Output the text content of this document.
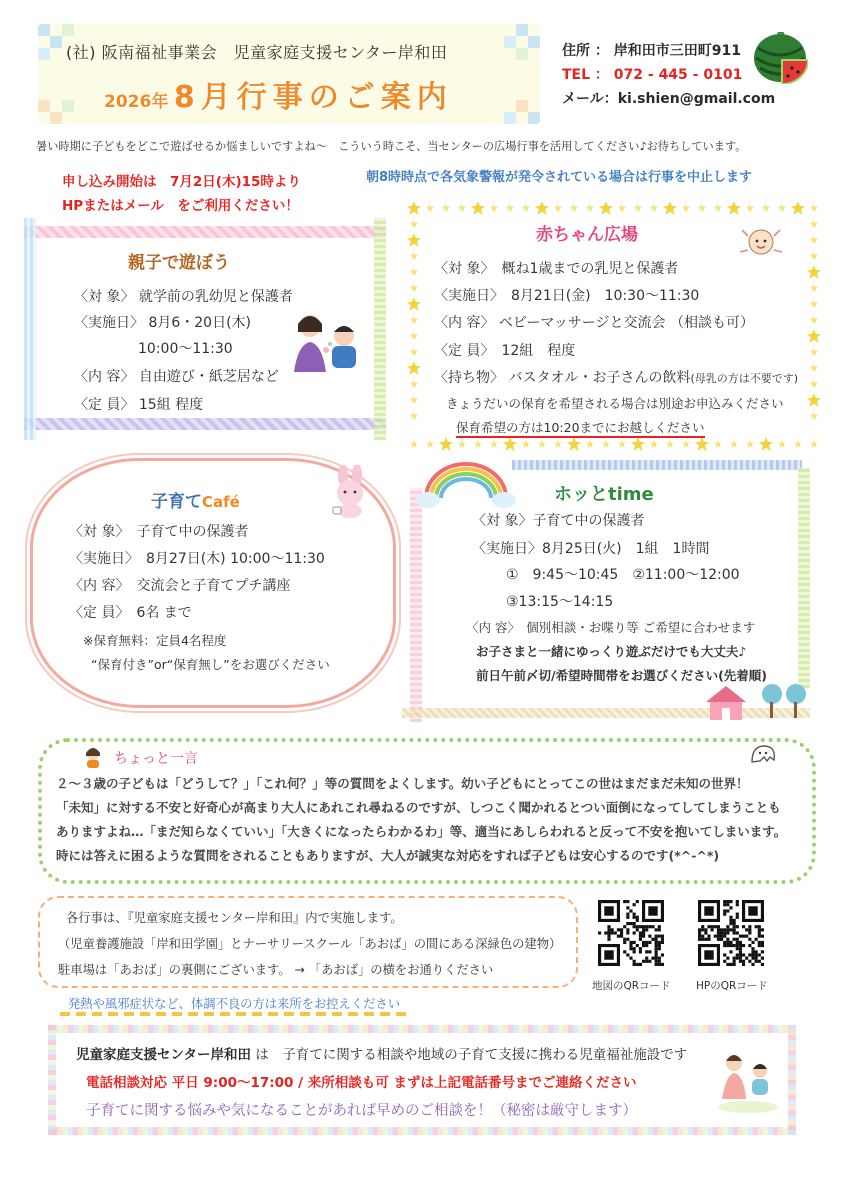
(社) 阪南福祉事業会　児童家庭支援センター岸和田
2026年 8月行事のご案内
住所 ： 岸和田市三田町911
TEL ： 072 - 445 - 0101
メール：ki.shien@gmail.com
暑い時期に子どもをどこで遊ばせるか悩ましいですよね～　こういう時こそ、当センターの広場行事を活用してください♪お待ちしています。
申し込み開始は　7月2日(木)15時より
HPまたはメール　をご利用ください！
朝8時時点で各気象警報が発令されている場合は行事を中止します
親子で遊ぼう
〈対 象〉 就学前の乳幼児と保護者
〈実施日〉 8月6・20日(木)
10:00～11:30
〈内 容〉 自由遊び・紙芝居など
〈定 員〉 15組 程度
赤ちゃん広場
〈対 象〉　概ね1歳までの乳児と保護者
〈実施日〉　8月21日(金)　10:30～11:30
〈内 容〉 ベビーマッサージと交流会 （相談も可）
〈定 員〉　12組　程度
〈持ち物〉 バスタオル・お子さんの飲料(母乳の方は不要です)
きょうだいの保育を希望される場合は別途お申込みください
保育希望の方は10:20までにお越しください
子育てCafé
〈対 象〉　子育て中の保護者
〈実施日〉　8月27日(木) 10:00～11:30
〈内 容〉　交流会と子育てプチ講座
〈定 員〉　6名 まで
※保育無料：定員4名程度
“保育付き”or“保育無し”をお選びください
ホッとtime
〈対 象〉子育て中の保護者
〈実施日〉8月25日(火)　1組　1時間
①　9:45～10:45　②11:00～12:00
③13:15～14:15
〈内 容〉　個別相談・お喋り等 ご希望に合わせます
お子さまと一緒にゆっくり遊ぶだけでも大丈夫♪
前日午前〆切/希望時間帯をお選びください(先着順)
ちょっと一言
２～３歳の子どもは「どうして？」「これ何？」等の質問をよくします。幼い子どもにとってこの世はまだまだ未知の世界！
「未知」に対する不安と好奇心が高まり大人にあれこれ尋ねるのですが、しつこく聞かれるとつい面倒になってしてしまうことも
ありますよね…「まだ知らなくていい」「大きくになったらわかるわ」等、適当にあしらわれると反って不安を抱いてしまいます。
時には答えに困るような質問をされることもありますが、大人が誠実な対応をすれば子どもは安心するのです(*^-^*)
各行事は、『児童家庭支援センター岸和田』内で実施します。
（児童養護施設「岸和田学園」とナーサリースクール「あおば」の間にある深緑色の建物）
駐車場は「あおば」の裏側にございます。 → 「あおば」の横をお通りください
発熱や風邪症状など、体調不良の方は来所をお控えください
地図のQRコード HPのQRコード
児童家庭支援センター岸和田 は　子育てに関する相談や地域の子育て支援に携わる児童福祉施設です
電話相談対応 平日 9:00～17:00 / 来所相談も可 まずは上記電話番号までご連絡ください
子育てに関する悩みや気になることがあれば早めのご相談を！（秘密は厳守します）
